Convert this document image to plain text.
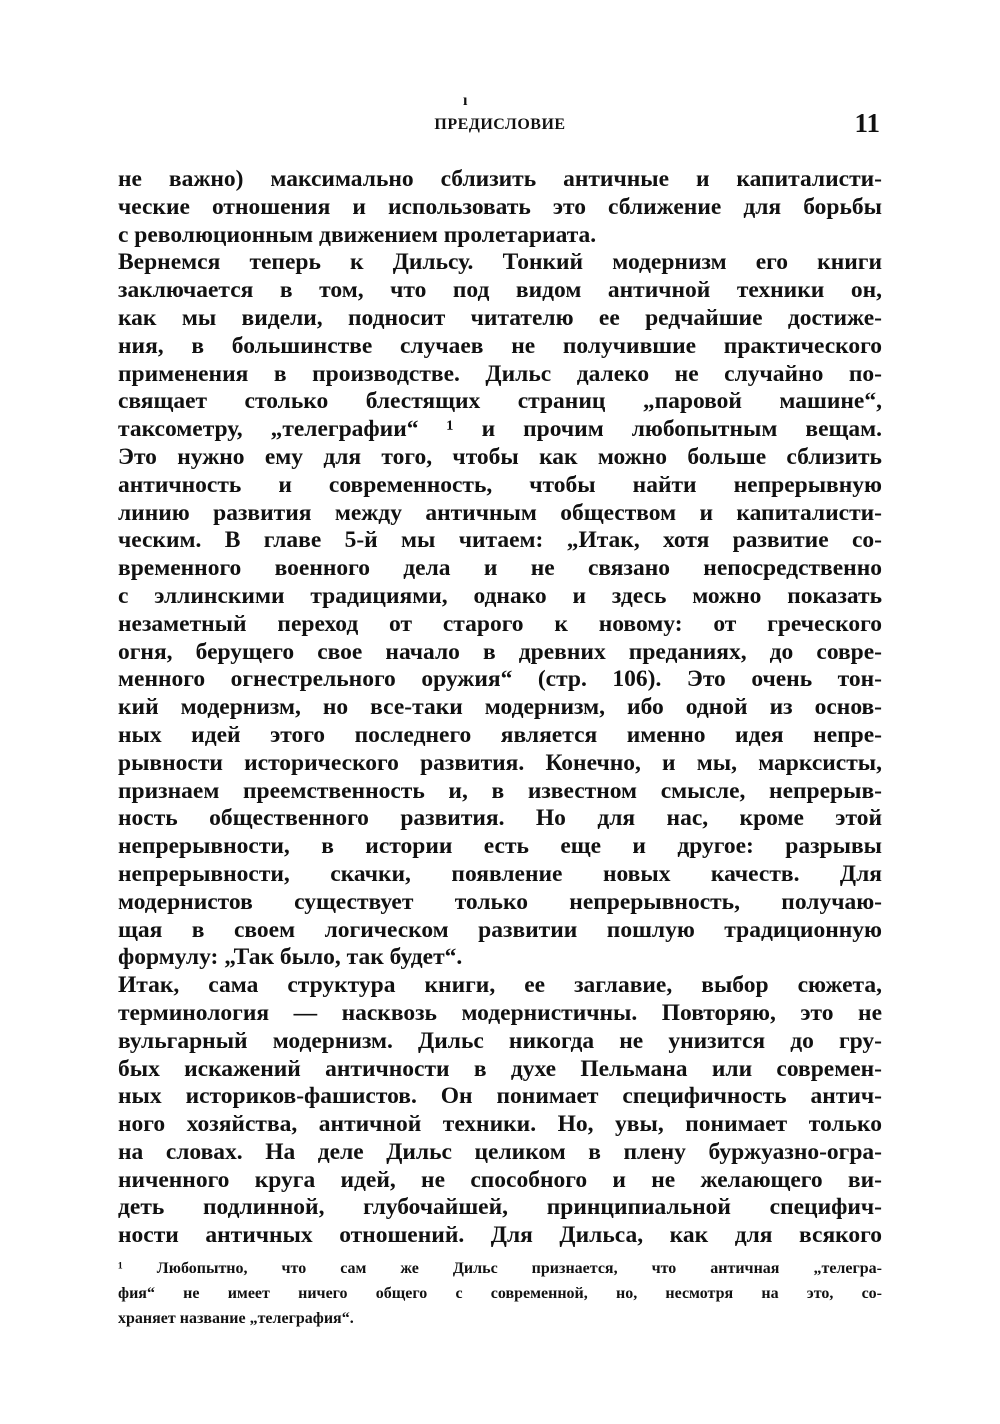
ı
ПРЕДИСЛОВИЕ	11
не важно) максимально сблизить античные и капиталисти-
ческие отношения и использовать это сближение для борьбы
с революционным движением пролетариата.
Вернемся теперь к Дильсу. Тонкий модернизм его книги
заключается в том, что под видом античной техники он,
как мы видели, подносит читателю ее редчайшие достиже-
ния, в большинстве случаев не получившие практического
применения в производстве. Дильс далеко не случайно по-
свящает столько блестящих страниц „паровой машине“,
таксометру, „телеграфии“ ¹ и прочим любопытным вещам.
Это нужно ему для того, чтобы как можно больше сблизить
античность и современность, чтобы найти непрерывную
линию развития между античным обществом и капиталисти-
ческим. В главе 5-й мы читаем: „Итак, хотя развитие со-
временного военного дела и не связано непосредственно
с эллинскими традициями, однако и здесь можно показать
незаметный переход от старого к новому: от греческого
огня, берущего свое начало в древних преданиях, до совре-
менного огнестрельного оружия“ (стр. 106). Это очень тон-
кий модернизм, но все-таки модернизм, ибо одной из основ-
ных идей этого последнего является именно идея непре-
рывности исторического развития. Конечно, и мы, марксисты,
признаем преемственность и, в известном смысле, непрерыв-
ность общественного развития. Но для нас, кроме этой
непрерывности, в истории есть еще и другое: разрывы
непрерывности, скачки, появление новых качеств. Для
модернистов существует только непрерывность, получаю-
щая в своем логическом развитии пошлую традиционную
формулу: „Так было, так будет“.
Итак, сама структура книги, ее заглавие, выбор сюжета,
терминология — насквозь модернистичны. Повторяю, это не
вульгарный модернизм. Дильс никогда не унизится до гру-
бых искажений античности в духе Пельмана или современ-
ных историков-фашистов. Он понимает специфичность антич-
ного хозяйства, античной техники. Но, увы, понимает только
на словах. На деле Дильс целиком в плену буржуазно-огра-
ниченного круга идей, не способного и не желающего ви-
деть подлинной, глубочайшей, принципиальной специфич-
ности античных отношений. Для Дильса, как для всякого
¹ Любопытно, что сам же Дильс признается, что античная „телегра-
фия“ не имеет ничего общего с современной, но, несмотря на это, со-
храняет название „телеграфия“.
